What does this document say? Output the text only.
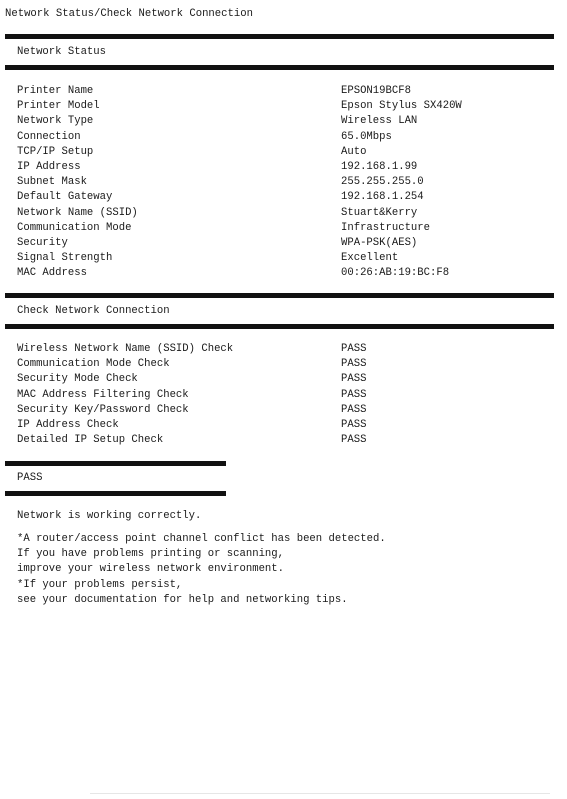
Network Status/Check Network Connection
Network Status
Printer Name	EPSON19BCF8
Printer Model	Epson Stylus SX420W
Network Type	Wireless LAN
Connection	65.0Mbps
TCP/IP Setup	Auto
IP Address	192.168.1.99
Subnet Mask	255.255.255.0
Default Gateway	192.168.1.254
Network Name (SSID)	Stuart&Kerry
Communication Mode	Infrastructure
Security	WPA-PSK(AES)
Signal Strength	Excellent
MAC Address	00:26:AB:19:BC:F8
Check Network Connection
Wireless Network Name (SSID) Check	PASS
Communication Mode Check	PASS
Security Mode Check	PASS
MAC Address Filtering Check	PASS
Security Key/Password Check	PASS
IP Address Check	PASS
Detailed IP Setup Check	PASS
PASS
Network is working correctly.
*A router/access point channel conflict has been detected.
If you have problems printing or scanning,
improve your wireless network environment.
*If your problems persist,
see your documentation for help and networking tips.
